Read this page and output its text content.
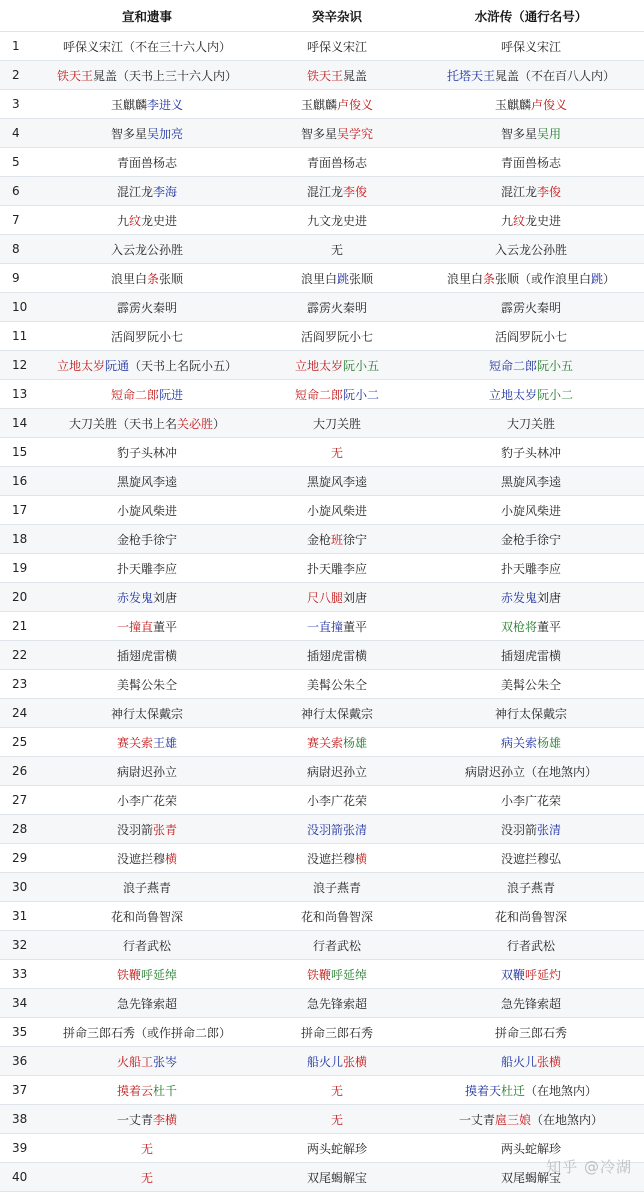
宣和遗事	癸辛杂识	水浒传（通行名号）
1	呼保义宋江（不在三十六人内）	呼保义宋江	呼保义宋江
2	铁天王晁盖（天书上三十六人内）	铁天王晁盖	托塔天王晁盖（不在百八人内）
3	玉麒麟李进义	玉麒麟卢俊义	玉麒麟卢俊义
4	智多星吴加亮	智多星吴学究	智多星吴用
5	青面兽杨志	青面兽杨志	青面兽杨志
6	混江龙李海	混江龙李俊	混江龙李俊
7	九纹龙史进	九文龙史进	九纹龙史进
8	入云龙公孙胜	无	入云龙公孙胜
9	浪里白条张顺	浪里白跳张顺	浪里白条张顺（或作浪里白跳）
10	霹雳火秦明	霹雳火秦明	霹雳火秦明
11	活阎罗阮小七	活阎罗阮小七	活阎罗阮小七
12	立地太岁阮通（天书上名阮小五）	立地太岁阮小五	短命二郎阮小五
13	短命二郎阮进	短命二郎阮小二	立地太岁阮小二
14	大刀关胜（天书上名关必胜）	大刀关胜	大刀关胜
15	豹子头林冲	无	豹子头林冲
16	黑旋风李逵	黑旋风李逵	黑旋风李逵
17	小旋风柴进	小旋风柴进	小旋风柴进
18	金枪手徐宁	金枪班徐宁	金枪手徐宁
19	扑天雕李应	扑天雕李应	扑天雕李应
20	赤发鬼刘唐	尺八腿刘唐	赤发鬼刘唐
21	一撞直董平	一直撞董平	双枪将董平
22	插翅虎雷横	插翅虎雷横	插翅虎雷横
23	美髯公朱仝	美髯公朱仝	美髯公朱仝
24	神行太保戴宗	神行太保戴宗	神行太保戴宗
25	赛关索王雄	赛关索杨雄	病关索杨雄
26	病尉迟孙立	病尉迟孙立	病尉迟孙立（在地煞内）
27	小李广花荣	小李广花荣	小李广花荣
28	没羽箭张青	没羽箭张清	没羽箭张清
29	没遮拦穆横	没遮拦穆横	没遮拦穆弘
30	浪子燕青	浪子燕青	浪子燕青
31	花和尚鲁智深	花和尚鲁智深	花和尚鲁智深
32	行者武松	行者武松	行者武松
33	铁鞭呼延绰	铁鞭呼延绰	双鞭呼延灼
34	急先锋索超	急先锋索超	急先锋索超
35	拼命三郎石秀（或作拼命二郎）	拼命三郎石秀	拼命三郎石秀
36	火船工张岑	船火儿张横	船火儿张横
37	摸着云杜千	无	摸着天杜迁（在地煞内）
38	一丈青李横	无	一丈青扈三娘（在地煞内）
39	无	两头蛇解珍	两头蛇解珍
40	无	双尾蝎解宝	双尾蝎解宝
知乎 @冷湖
